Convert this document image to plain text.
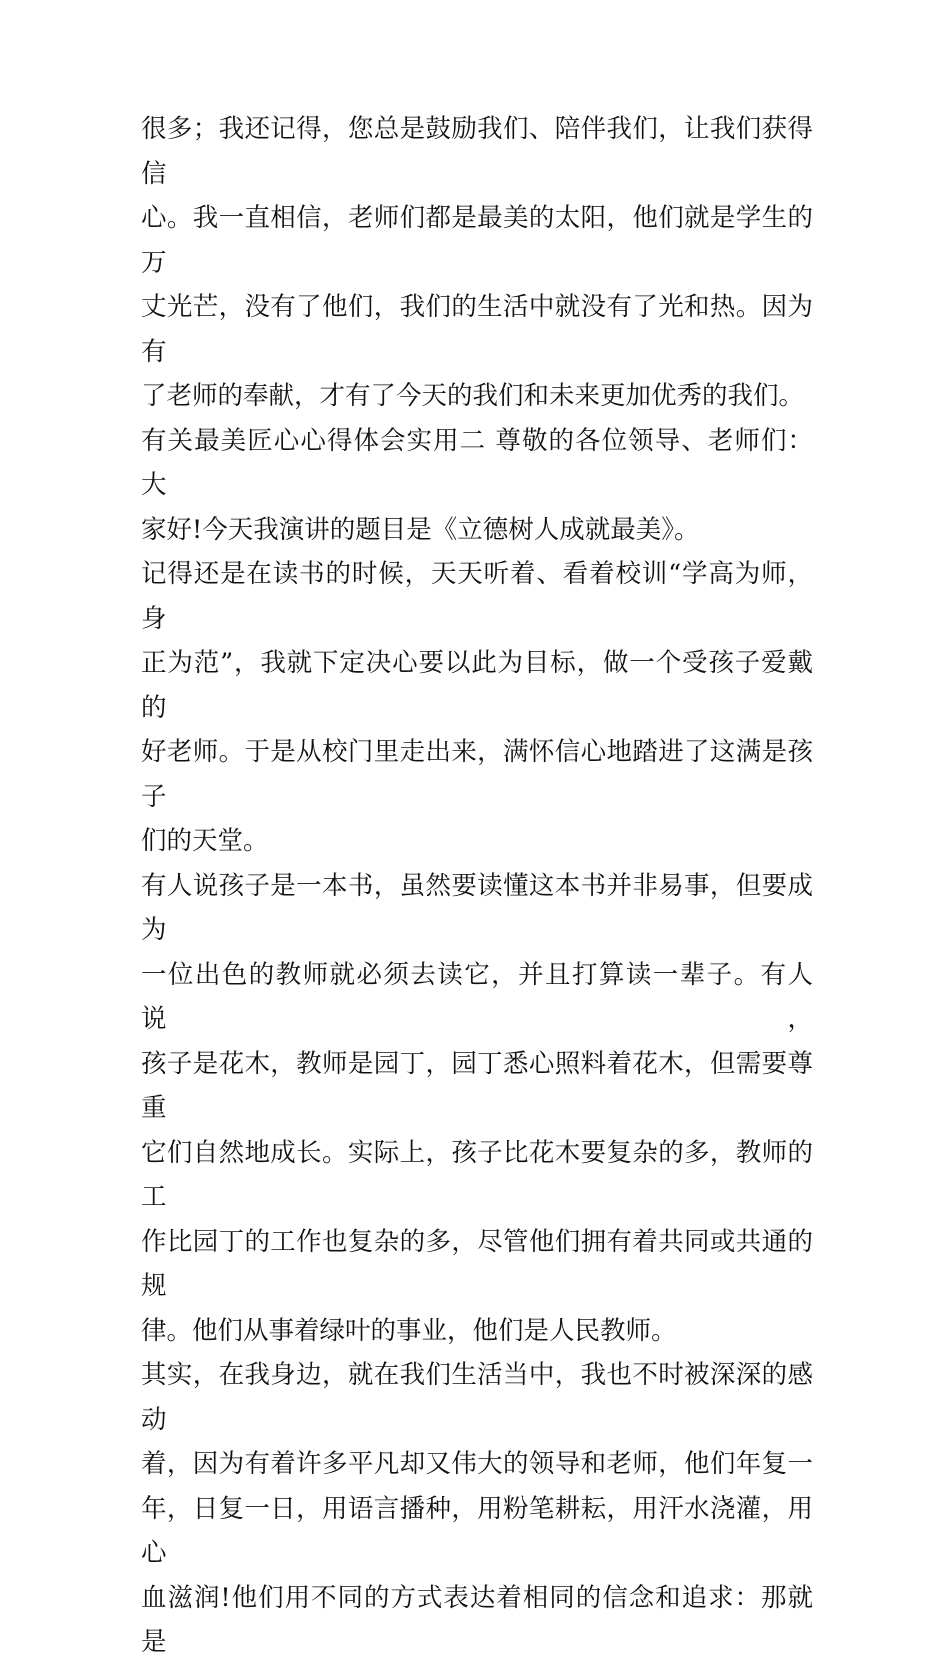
很多；我还记得，您总是鼓励我们、陪伴我们，让我们获得信
心。我一直相信，老师们都是最美的太阳，他们就是学生的万
丈光芒，没有了他们，我们的生活中就没有了光和热。因为有
了老师的奉献，才有了今天的我们和未来更加优秀的我们。

有关最美匠心心得体会实用二 尊敬的各位领导、老师们： 大
家好!今天我演讲的题目是《立德树人成就最美》。

记得还是在读书的时候，天天听着、看着校训“学高为师，身
正为范”，我就下定决心要以此为目标，做一个受孩子爱戴的
好老师。于是从校门里走出来，满怀信心地踏进了这满是孩子
们的天堂。

有人说孩子是一本书，虽然要读懂这本书并非易事，但要成为
一位出色的教师就必须去读它，并且打算读一辈子。有人说，
孩子是花木，教师是园丁，园丁悉心照料着花木，但需要尊重
它们自然地成长。实际上，孩子比花木要复杂的多，教师的工
作比园丁的工作也复杂的多，尽管他们拥有着共同或共通的规
律。他们从事着绿叶的事业，他们是人民教师。

其实，在我身边，就在我们生活当中，我也不时被深深的感动
着，因为有着许多平凡却又伟大的领导和老师，他们年复一
年，日复一日，用语言播种，用粉笔耕耘，用汗水浇灌，用心
血滋润!他们用不同的方式表达着相同的信念和追求：那就是
